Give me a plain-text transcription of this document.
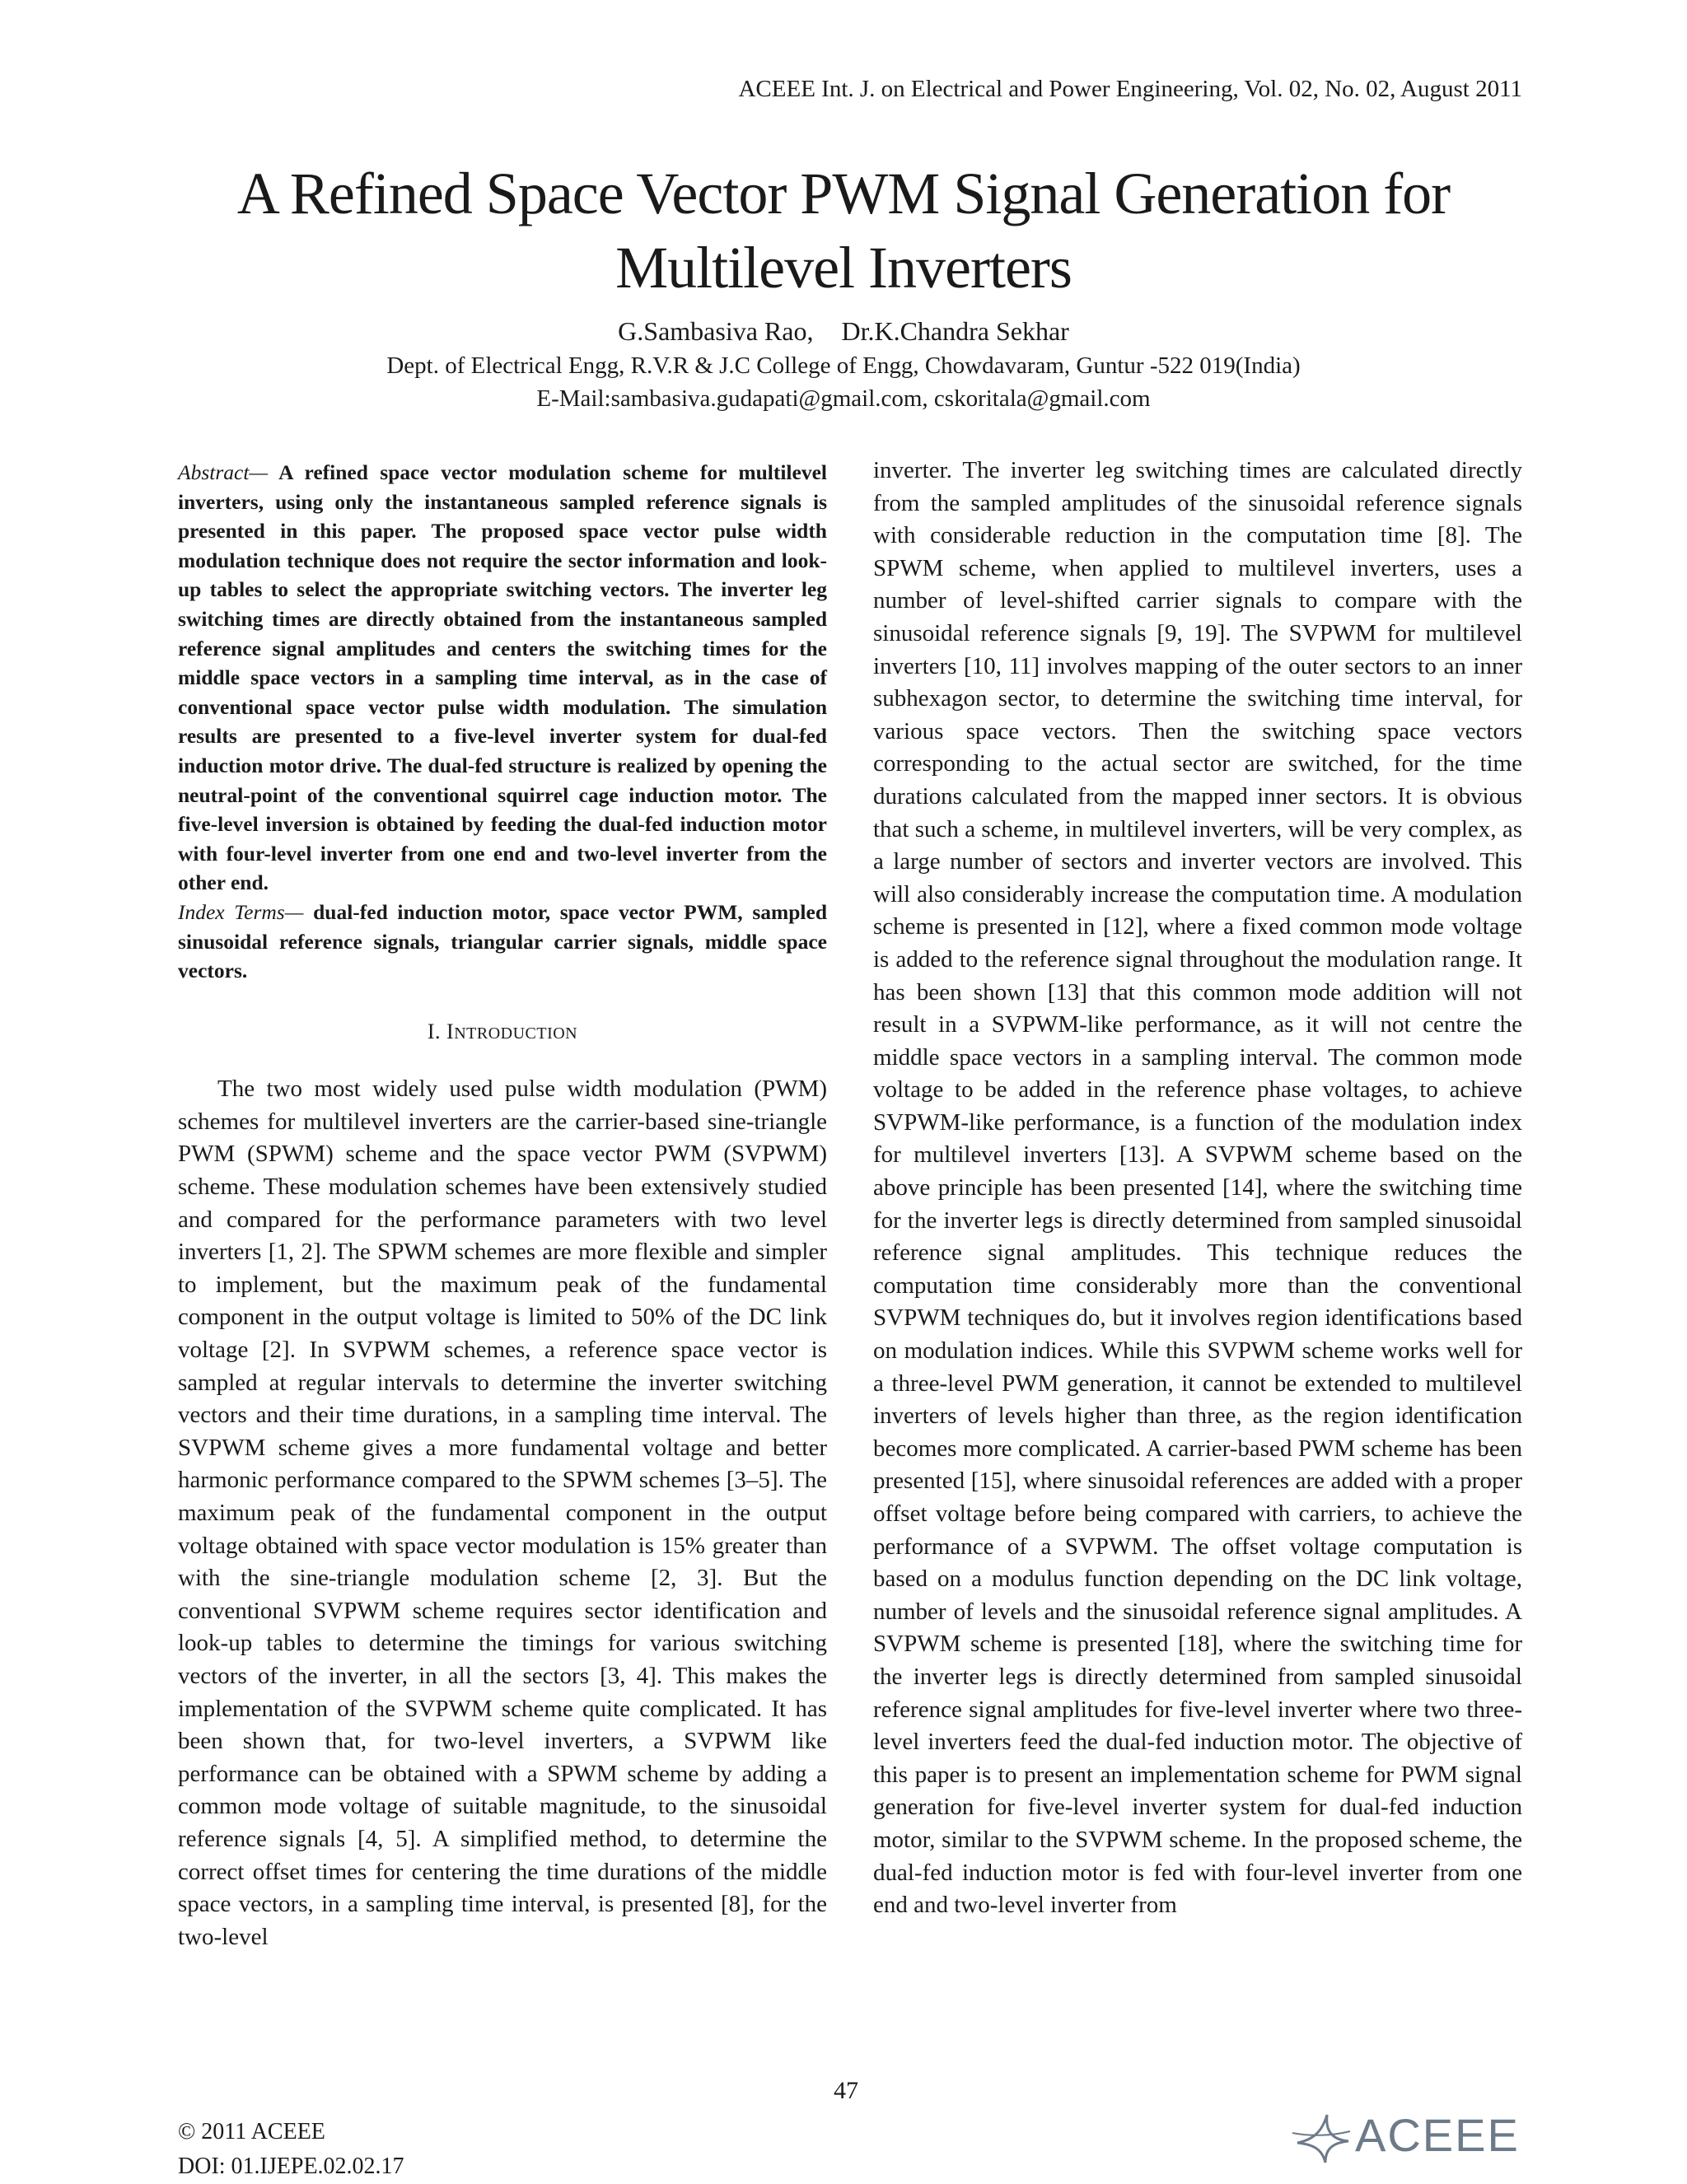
ACEEE Int. J. on Electrical and Power Engineering, Vol. 02, No. 02, August 2011
A Refined Space Vector PWM Signal Generation for
Multilevel Inverters
G.Sambasiva Rao, Dr.K.Chandra Sekhar
Dept. of Electrical Engg, R.V.R & J.C College of Engg, Chowdavaram, Guntur -522 019(India)
E-Mail:sambasiva.gudapati@gmail.com, cskoritala@gmail.com

Abstract— A refined space vector modulation scheme for multilevel inverters, using only the instantaneous sampled reference signals is presented in this paper. The proposed space vector pulse width modulation technique does not require the sector information and look-up tables to select the appropriate switching vectors. The inverter leg switching times are directly obtained from the instantaneous sampled reference signal amplitudes and centers the switching times for the middle space vectors in a sampling time interval, as in the case of conventional space vector pulse width modulation. The simulation results are presented to a five-level inverter system for dual-fed induction motor drive. The dual-fed structure is realized by opening the neutral-point of the conventional squirrel cage induction motor. The five-level inversion is obtained by feeding the dual-fed induction motor with four-level inverter from one end and two-level inverter from the other end.

Index Terms— dual-fed induction motor, space vector PWM, sampled sinusoidal reference signals, triangular carrier signals, middle space vectors.

I. INTRODUCTION

The two most widely used pulse width modulation (PWM) schemes for multilevel inverters are the carrier-based sine-triangle PWM (SPWM) scheme and the space vector PWM (SVPWM) scheme. These modulation schemes have been extensively studied and compared for the performance parameters with two level inverters [1, 2]. The SPWM schemes are more flexible and simpler to implement, but the maximum peak of the fundamental component in the output voltage is limited to 50% of the DC link voltage [2]. In SVPWM schemes, a reference space vector is sampled at regular intervals to determine the inverter switching vectors and their time durations, in a sampling time interval. The SVPWM scheme gives a more fundamental voltage and better harmonic performance compared to the SPWM schemes [3–5]. The maximum peak of the fundamental component in the output voltage obtained with space vector modulation is 15% greater than with the sine-triangle modulation scheme [2, 3]. But the conventional SVPWM scheme requires sector identification and look-up tables to determine the timings for various switching vectors of the inverter, in all the sectors [3, 4]. This makes the implementation of the SVPWM scheme quite complicated. It has been shown that, for two-level inverters, a SVPWM like performance can be obtained with a SPWM scheme by adding a common mode voltage of suitable magnitude, to the sinusoidal reference signals [4, 5]. A simplified method, to determine the correct offset times for centering the time durations of the middle space vectors, in a sampling time interval, is presented [8], for the two-level

inverter. The inverter leg switching times are calculated directly from the sampled amplitudes of the sinusoidal reference signals with considerable reduction in the computation time [8]. The SPWM scheme, when applied to multilevel inverters, uses a number of level-shifted carrier signals to compare with the sinusoidal reference signals [9, 19]. The SVPWM for multilevel inverters [10, 11] involves mapping of the outer sectors to an inner subhexagon sector, to determine the switching time interval, for various space vectors. Then the switching space vectors corresponding to the actual sector are switched, for the time durations calculated from the mapped inner sectors. It is obvious that such a scheme, in multilevel inverters, will be very complex, as a large number of sectors and inverter vectors are involved. This will also considerably increase the computation time. A modulation scheme is presented in [12], where a fixed common mode voltage is added to the reference signal throughout the modulation range. It has been shown [13] that this common mode addition will not result in a SVPWM-like performance, as it will not centre the middle space vectors in a sampling interval. The common mode voltage to be added in the reference phase voltages, to achieve SVPWM-like performance, is a function of the modulation index for multilevel inverters [13]. A SVPWM scheme based on the above principle has been presented [14], where the switching time for the inverter legs is directly determined from sampled sinusoidal reference signal amplitudes. This technique reduces the computation time considerably more than the conventional SVPWM techniques do, but it involves region identifications based on modulation indices. While this SVPWM scheme works well for a three-level PWM generation, it cannot be extended to multilevel inverters of levels higher than three, as the region identification becomes more complicated. A carrier-based PWM scheme has been presented [15], where sinusoidal references are added with a proper offset voltage before being compared with carriers, to achieve the performance of a SVPWM. The offset voltage computation is based on a modulus function depending on the DC link voltage, number of levels and the sinusoidal reference signal amplitudes. A SVPWM scheme is presented [18], where the switching time for the inverter legs is directly determined from sampled sinusoidal reference signal amplitudes for five-level inverter where two three-level inverters feed the dual-fed induction motor. The objective of this paper is to present an implementation scheme for PWM signal generation for five-level inverter system for dual-fed induction motor, similar to the SVPWM scheme. In the proposed scheme, the dual-fed induction motor is fed with four-level inverter from one end and two-level inverter from

47
© 2011 ACEEE
DOI: 01.IJEPE.02.02.17
ACEEE
